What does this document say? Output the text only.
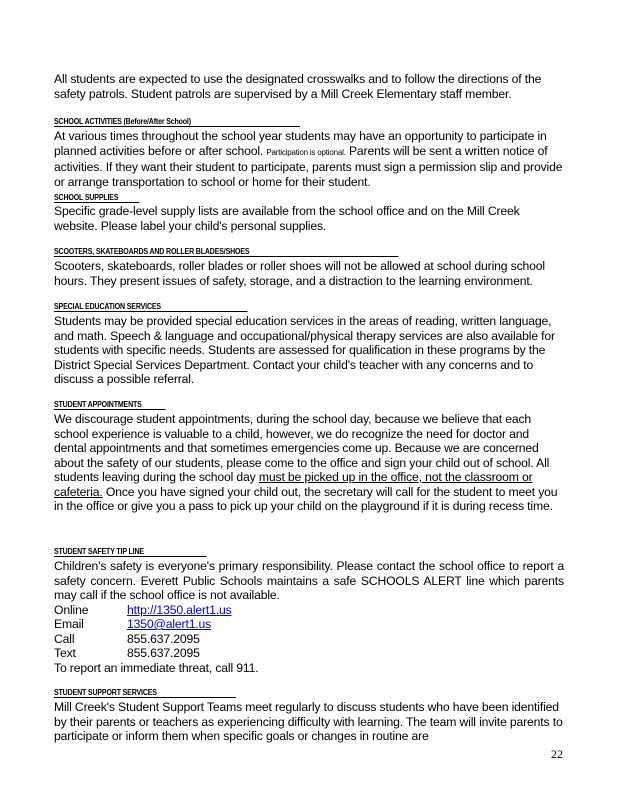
All students are expected to use the designated crosswalks and to follow the directions of the safety patrols. Student patrols are supervised by a Mill Creek Elementary staff member.

SCHOOL ACTIVITIES (Before/After School)

At various times throughout the school year students may have an opportunity to participate in planned activities before or after school. Participation is optional. Parents will be sent a written notice of activities. If they want their student to participate, parents must sign a permission slip and provide or arrange transportation to school or home for their student.

SCHOOL SUPPLIES

Specific grade-level supply lists are available from the school office and on the Mill Creek website. Please label your child's personal supplies.

SCOOTERS, SKATEBOARDS AND ROLLER BLADES/SHOES

Scooters, skateboards, roller blades or roller shoes will not be allowed at school during school hours. They present issues of safety, storage, and a distraction to the learning environment.

SPECIAL EDUCATION SERVICES

Students may be provided special education services in the areas of reading, written language, and math. Speech & language and occupational/physical therapy services are also available for students with specific needs. Students are assessed for qualification in these programs by the District Special Services Department. Contact your child's teacher with any concerns and to discuss a possible referral.

STUDENT APPOINTMENTS

We discourage student appointments, during the school day, because we believe that each school experience is valuable to a child, however, we do recognize the need for doctor and dental appointments and that sometimes emergencies come up. Because we are concerned about the safety of our students, please come to the office and sign your child out of school. All students leaving during the school day must be picked up in the office, not the classroom or cafeteria. Once you have signed your child out, the secretary will call for the student to meet you in the office or give you a pass to pick up your child on the playground if it is during recess time.

STUDENT SAFETY TIP LINE

Children's safety is everyone's primary responsibility. Please contact the school office to report a safety concern. Everett Public Schools maintains a safe SCHOOLS ALERT line which parents may call if the school office is not available.

Online	http://1350.alert1.us
Email	1350@alert1.us
Call	855.637.2095
Text	855.637.2095

To report an immediate threat, call 911.

STUDENT SUPPORT SERVICES

Mill Creek's Student Support Teams meet regularly to discuss students who have been identified by their parents or teachers as experiencing difficulty with learning. The team will invite parents to participate or inform them when specific goals or changes in routine are

22
